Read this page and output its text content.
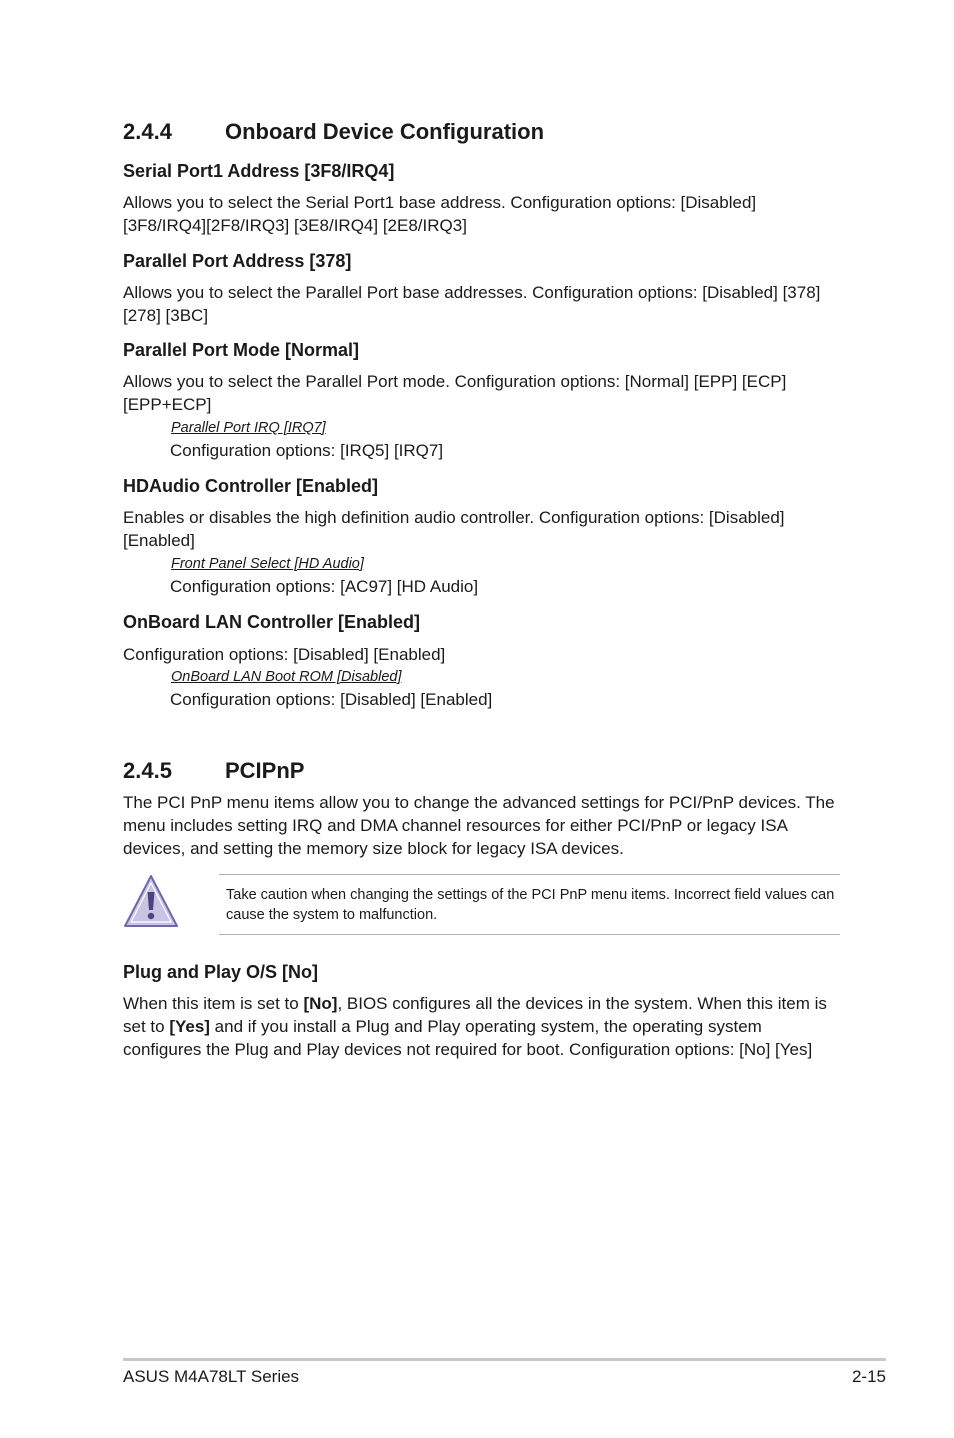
2.4.4 Onboard Device Configuration
Serial Port1 Address [3F8/IRQ4]

Allows you to select the Serial Port1 base address. Configuration options: [Disabled] [3F8/IRQ4][2F8/IRQ3] [3E8/IRQ4] [2E8/IRQ3]

Parallel Port Address [378]

Allows you to select the Parallel Port base addresses. Configuration options: [Disabled] [378] [278] [3BC]

Parallel Port Mode [Normal]

Allows you to select the Parallel Port mode. Configuration options: [Normal] [EPP] [ECP] [EPP+ECP]

Parallel Port IRQ [IRQ7]

Configuration options: [IRQ5] [IRQ7]

HDAudio Controller [Enabled]

Enables or disables the high definition audio controller. Configuration options: [Disabled] [Enabled]

Front Panel Select [HD Audio]

Configuration options: [AC97] [HD Audio]

OnBoard LAN Controller [Enabled]

Configuration options: [Disabled] [Enabled]

OnBoard LAN Boot ROM [Disabled]

Configuration options: [Disabled] [Enabled]

2.4.5 PCIPnP

The PCI PnP menu items allow you to change the advanced settings for PCI/PnP devices. The menu includes setting IRQ and DMA channel resources for either PCI/PnP or legacy ISA devices, and setting the memory size block for legacy ISA devices.

Take caution when changing the settings of the PCI PnP menu items. Incorrect field values can cause the system to malfunction.

Plug and Play O/S [No]

When this item is set to [No], BIOS configures all the devices in the system. When this item is set to [Yes] and if you install a Plug and Play operating system, the operating system configures the Plug and Play devices not required for boot. Configuration options: [No] [Yes]

ASUS M4A78LT Series	2-15
